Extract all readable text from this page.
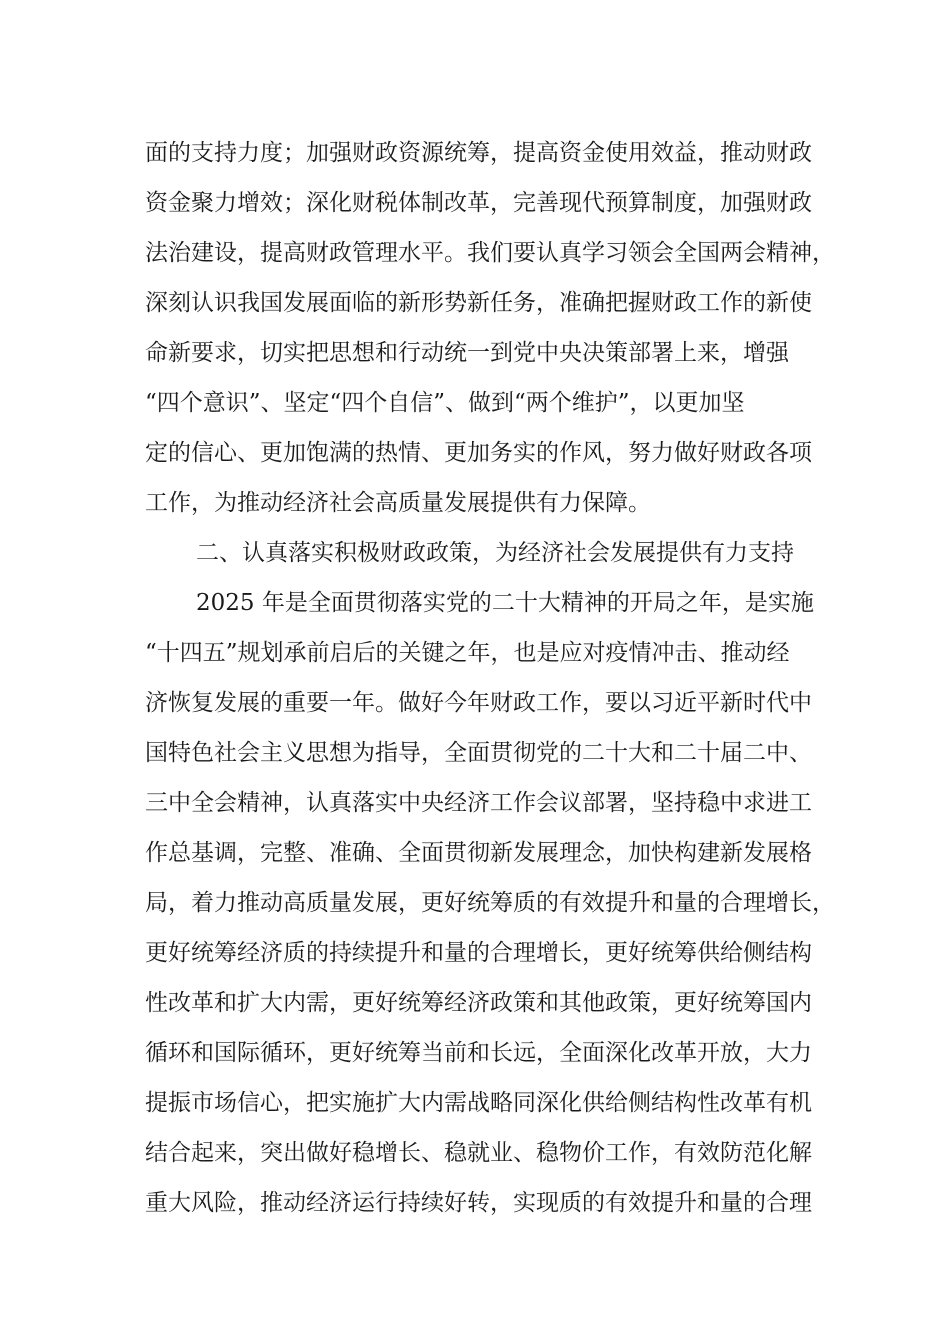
面的支持力度；加强财政资源统筹，提高资金使用效益，推动财政
资金聚力增效；深化财税体制改革，完善现代预算制度，加强财政
法治建设，提高财政管理水平。我们要认真学习领会全国两会精神，
深刻认识我国发展面临的新形势新任务，准确把握财政工作的新使
命新要求，切实把思想和行动统一到党中央决策部署上来，增强
“四个意识”、坚定“四个自信”、做到“两个维护”，以更加坚
定的信心、更加饱满的热情、更加务实的作风，努力做好财政各项
工作，为推动经济社会高质量发展提供有力保障。
二、认真落实积极财政政策，为经济社会发展提供有力支持
2025 年是全面贯彻落实党的二十大精神的开局之年，是实施
“十四五”规划承前启后的关键之年，也是应对疫情冲击、推动经
济恢复发展的重要一年。做好今年财政工作，要以习近平新时代中
国特色社会主义思想为指导，全面贯彻党的二十大和二十届二中、
三中全会精神，认真落实中央经济工作会议部署，坚持稳中求进工
作总基调，完整、准确、全面贯彻新发展理念，加快构建新发展格
局，着力推动高质量发展，更好统筹质的有效提升和量的合理增长，
更好统筹经济质的持续提升和量的合理增长，更好统筹供给侧结构
性改革和扩大内需，更好统筹经济政策和其他政策，更好统筹国内
循环和国际循环，更好统筹当前和长远，全面深化改革开放，大力
提振市场信心，把实施扩大内需战略同深化供给侧结构性改革有机
结合起来，突出做好稳增长、稳就业、稳物价工作，有效防范化解
重大风险，推动经济运行持续好转，实现质的有效提升和量的合理
